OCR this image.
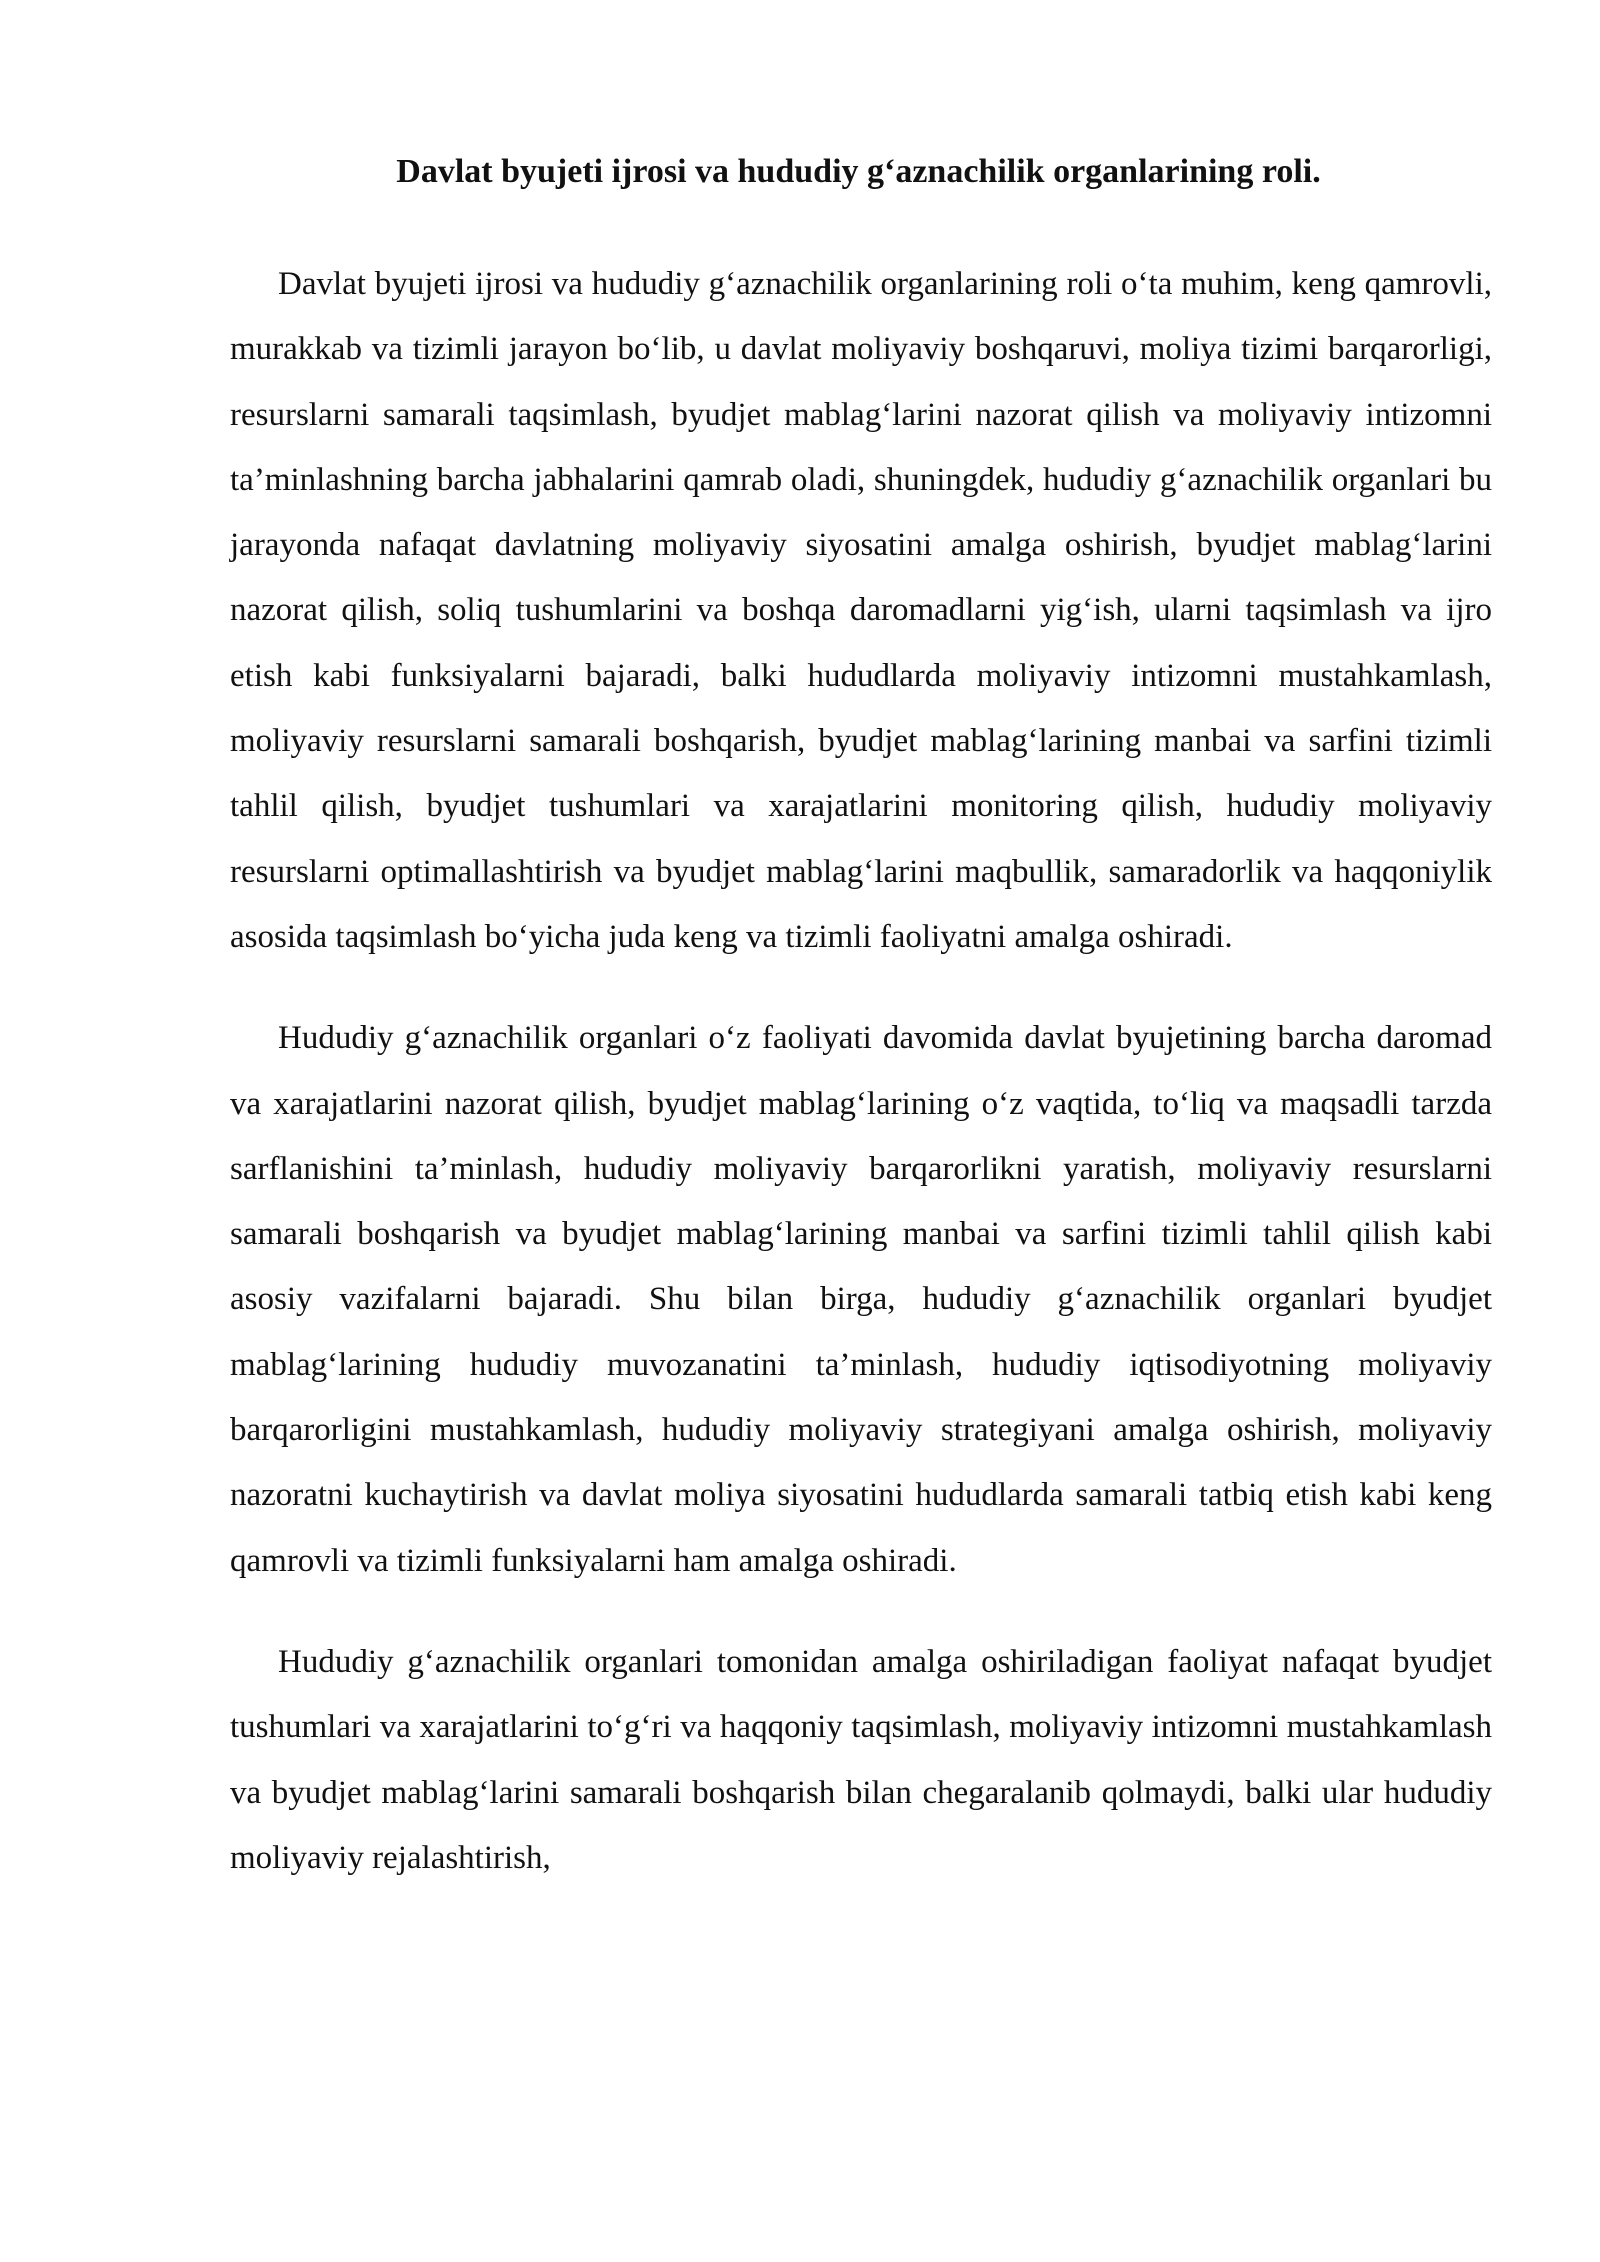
Davlat byujeti ijrosi va hududiy g‘aznachilik organlarining roli.

Davlat byujeti ijrosi va hududiy g‘aznachilik organlarining roli o‘ta muhim, keng qamrovli, murakkab va tizimli jarayon bo‘lib, u davlat moliyaviy boshqaruvi, moliya tizimi barqarorligi, resurslarni samarali taqsimlash, byudjet mablag‘larini nazorat qilish va moliyaviy intizomni ta’minlashning barcha jabhalarini qamrab oladi, shuningdek, hududiy g‘aznachilik organlari bu jarayonda nafaqat davlatning moliyaviy siyosatini amalga oshirish, byudjet mablag‘larini nazorat qilish, soliq tushumlarini va boshqa daromadlarni yig‘ish, ularni taqsimlash va ijro etish kabi funksiyalarni bajaradi, balki hududlarda moliyaviy intizomni mustahkamlash, moliyaviy resurslarni samarali boshqarish, byudjet mablag‘larining manbai va sarfini tizimli tahlil qilish, byudjet tushumlari va xarajatlarini monitoring qilish, hududiy moliyaviy resurslarni optimallashtirish va byudjet mablag‘larini maqbullik, samaradorlik va haqqoniylik asosida taqsimlash bo‘yicha juda keng va tizimli faoliyatni amalga oshiradi.

Hududiy g‘aznachilik organlari o‘z faoliyati davomida davlat byujetining barcha daromad va xarajatlarini nazorat qilish, byudjet mablag‘larining o‘z vaqtida, to‘liq va maqsadli tarzda sarflanishini ta’minlash, hududiy moliyaviy barqarorlikni yaratish, moliyaviy resurslarni samarali boshqarish va byudjet mablag‘larining manbai va sarfini tizimli tahlil qilish kabi asosiy vazifalarni bajaradi. Shu bilan birga, hududiy g‘aznachilik organlari byudjet mablag‘larining hududiy muvozanatini ta’minlash, hududiy iqtisodiyotning moliyaviy barqarorligini mustahkamlash, hududiy moliyaviy strategiyani amalga oshirish, moliyaviy nazoratni kuchaytirish va davlat moliya siyosatini hududlarda samarali tatbiq etish kabi keng qamrovli va tizimli funksiyalarni ham amalga oshiradi.

Hududiy g‘aznachilik organlari tomonidan amalga oshiriladigan faoliyat nafaqat byudjet tushumlari va xarajatlarini to‘g‘ri va haqqoniy taqsimlash, moliyaviy intizomni mustahkamlash va byudjet mablag‘larini samarali boshqarish bilan chegaralanib qolmaydi, balki ular hududiy moliyaviy rejalashtirish,
